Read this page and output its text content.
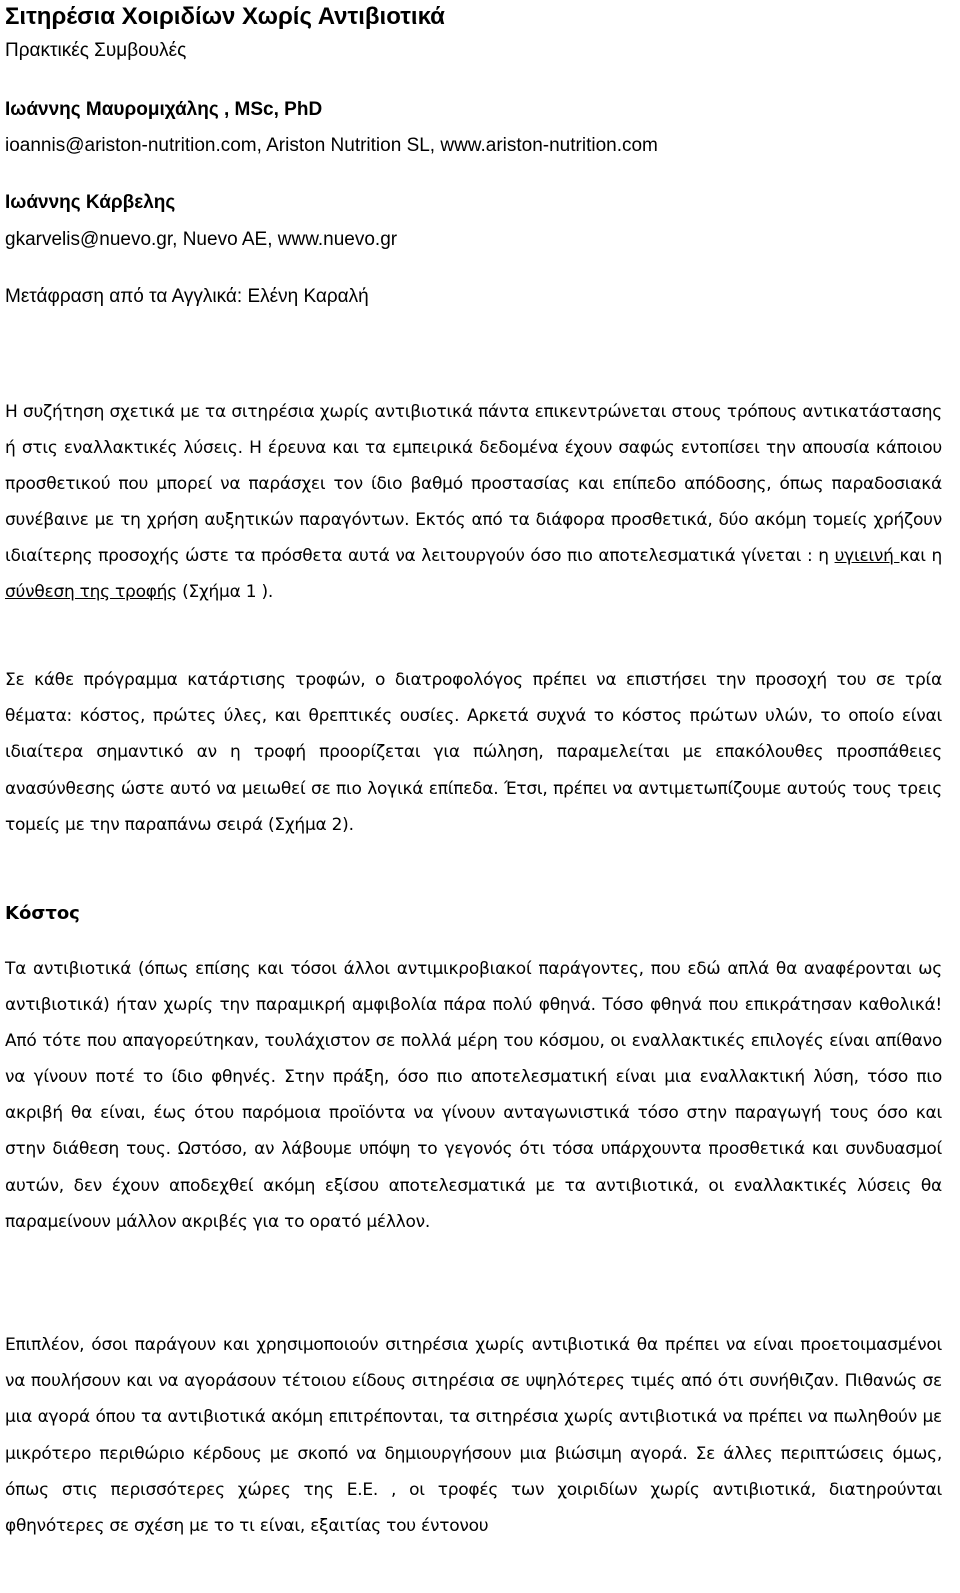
Σιτηρέσια Χοιριδίων Χωρίς Αντιβιοτικά

Πρακτικές Συμβουλές

Ιωάννης Μαυρομιχάλης , MSc, PhD

ioannis@ariston-nutrition.com, Ariston Nutrition SL, www.ariston-nutrition.com

Ιωάννης Κάρβελης

gkarvelis@nuevo.gr, Nuevo AE, www.nuevo.gr

Μετάφραση από τα Αγγλικά: Ελένη Καραλή

Η συζήτηση σχετικά με τα σιτηρέσια χωρίς αντιβιοτικά πάντα επικεντρώνεται στους τρόπους αντικατάστασης ή στις εναλλακτικές λύσεις. Η έρευνα και τα εμπειρικά δεδομένα έχουν σαφώς εντοπίσει την απουσία κάποιου προσθετικού που μπορεί να παράσχει τον ίδιο βαθμό προστασίας και επίπεδο απόδοσης, όπως παραδοσιακά συνέβαινε με τη χρήση αυξητικών παραγόντων. Εκτός από τα διάφορα προσθετικά, δύο ακόμη τομείς χρήζουν ιδιαίτερης προσοχής ώστε τα πρόσθετα αυτά να λειτουργούν όσο πιο αποτελεσματικά γίνεται : η υγιεινή και η σύνθεση της τροφής (Σχήμα 1 ).

Σε κάθε πρόγραμμα κατάρτισης τροφών, ο διατροφολόγος πρέπει να επιστήσει την προσοχή του σε τρία θέματα: κόστος, πρώτες ύλες, και θρεπτικές ουσίες. Αρκετά συχνά το κόστος πρώτων υλών, το οποίο είναι ιδιαίτερα σημαντικό αν η τροφή προορίζεται για πώληση, παραμελείται με επακόλουθες προσπάθειες ανασύνθεσης ώστε αυτό να μειωθεί σε πιο λογικά επίπεδα. Έτσι, πρέπει να αντιμετωπίζουμε αυτούς τους τρεις τομείς με την παραπάνω σειρά (Σχήμα 2).

Κόστος

Τα αντιβιοτικά (όπως επίσης και τόσοι άλλοι αντιμικροβιακοί παράγοντες, που εδώ απλά θα αναφέρονται ως αντιβιοτικά) ήταν χωρίς την παραμικρή αμφιβολία πάρα πολύ φθηνά. Τόσο φθηνά που επικράτησαν καθολικά! Από τότε που απαγορεύτηκαν, τουλάχιστον σε πολλά μέρη του κόσμου, οι εναλλακτικές επιλογές είναι απίθανο να γίνουν ποτέ το ίδιο φθηνές. Στην πράξη, όσο πιο αποτελεσματική είναι μια εναλλακτική λύση, τόσο πιο ακριβή θα είναι, έως ότου παρόμοια προϊόντα να γίνουν ανταγωνιστικά τόσο στην παραγωγή τους όσο και στην διάθεση τους. Ωστόσο, αν λάβουμε υπόψη το γεγονός ότι τόσα υπάρχουντα προσθετικά και συνδυασμοί αυτών, δεν έχουν αποδεχθεί ακόμη εξίσου αποτελεσματικά με τα αντιβιοτικά, οι εναλλακτικές λύσεις θα παραμείνουν μάλλον ακριβές για το ορατό μέλλον.

Επιπλέον, όσοι παράγουν και χρησιμοποιούν σιτηρέσια χωρίς αντιβιοτικά θα πρέπει να είναι προετοιμασμένοι να πουλήσουν και να αγοράσουν τέτοιου είδους σιτηρέσια σε υψηλότερες τιμές από ότι συνήθιζαν. Πιθανώς σε μια αγορά όπου τα αντιβιοτικά ακόμη επιτρέπονται, τα σιτηρέσια χωρίς αντιβιοτικά να πρέπει να πωληθούν με μικρότερο περιθώριο κέρδους με σκοπό να δημιουργήσουν μια βιώσιμη αγορά. Σε άλλες περιπτώσεις όμως, όπως στις περισσότερες χώρες της Ε.Ε. , οι τροφές των χοιριδίων χωρίς αντιβιοτικά, διατηρούνται φθηνότερες σε σχέση με το τι είναι, εξαιτίας του έντονου
